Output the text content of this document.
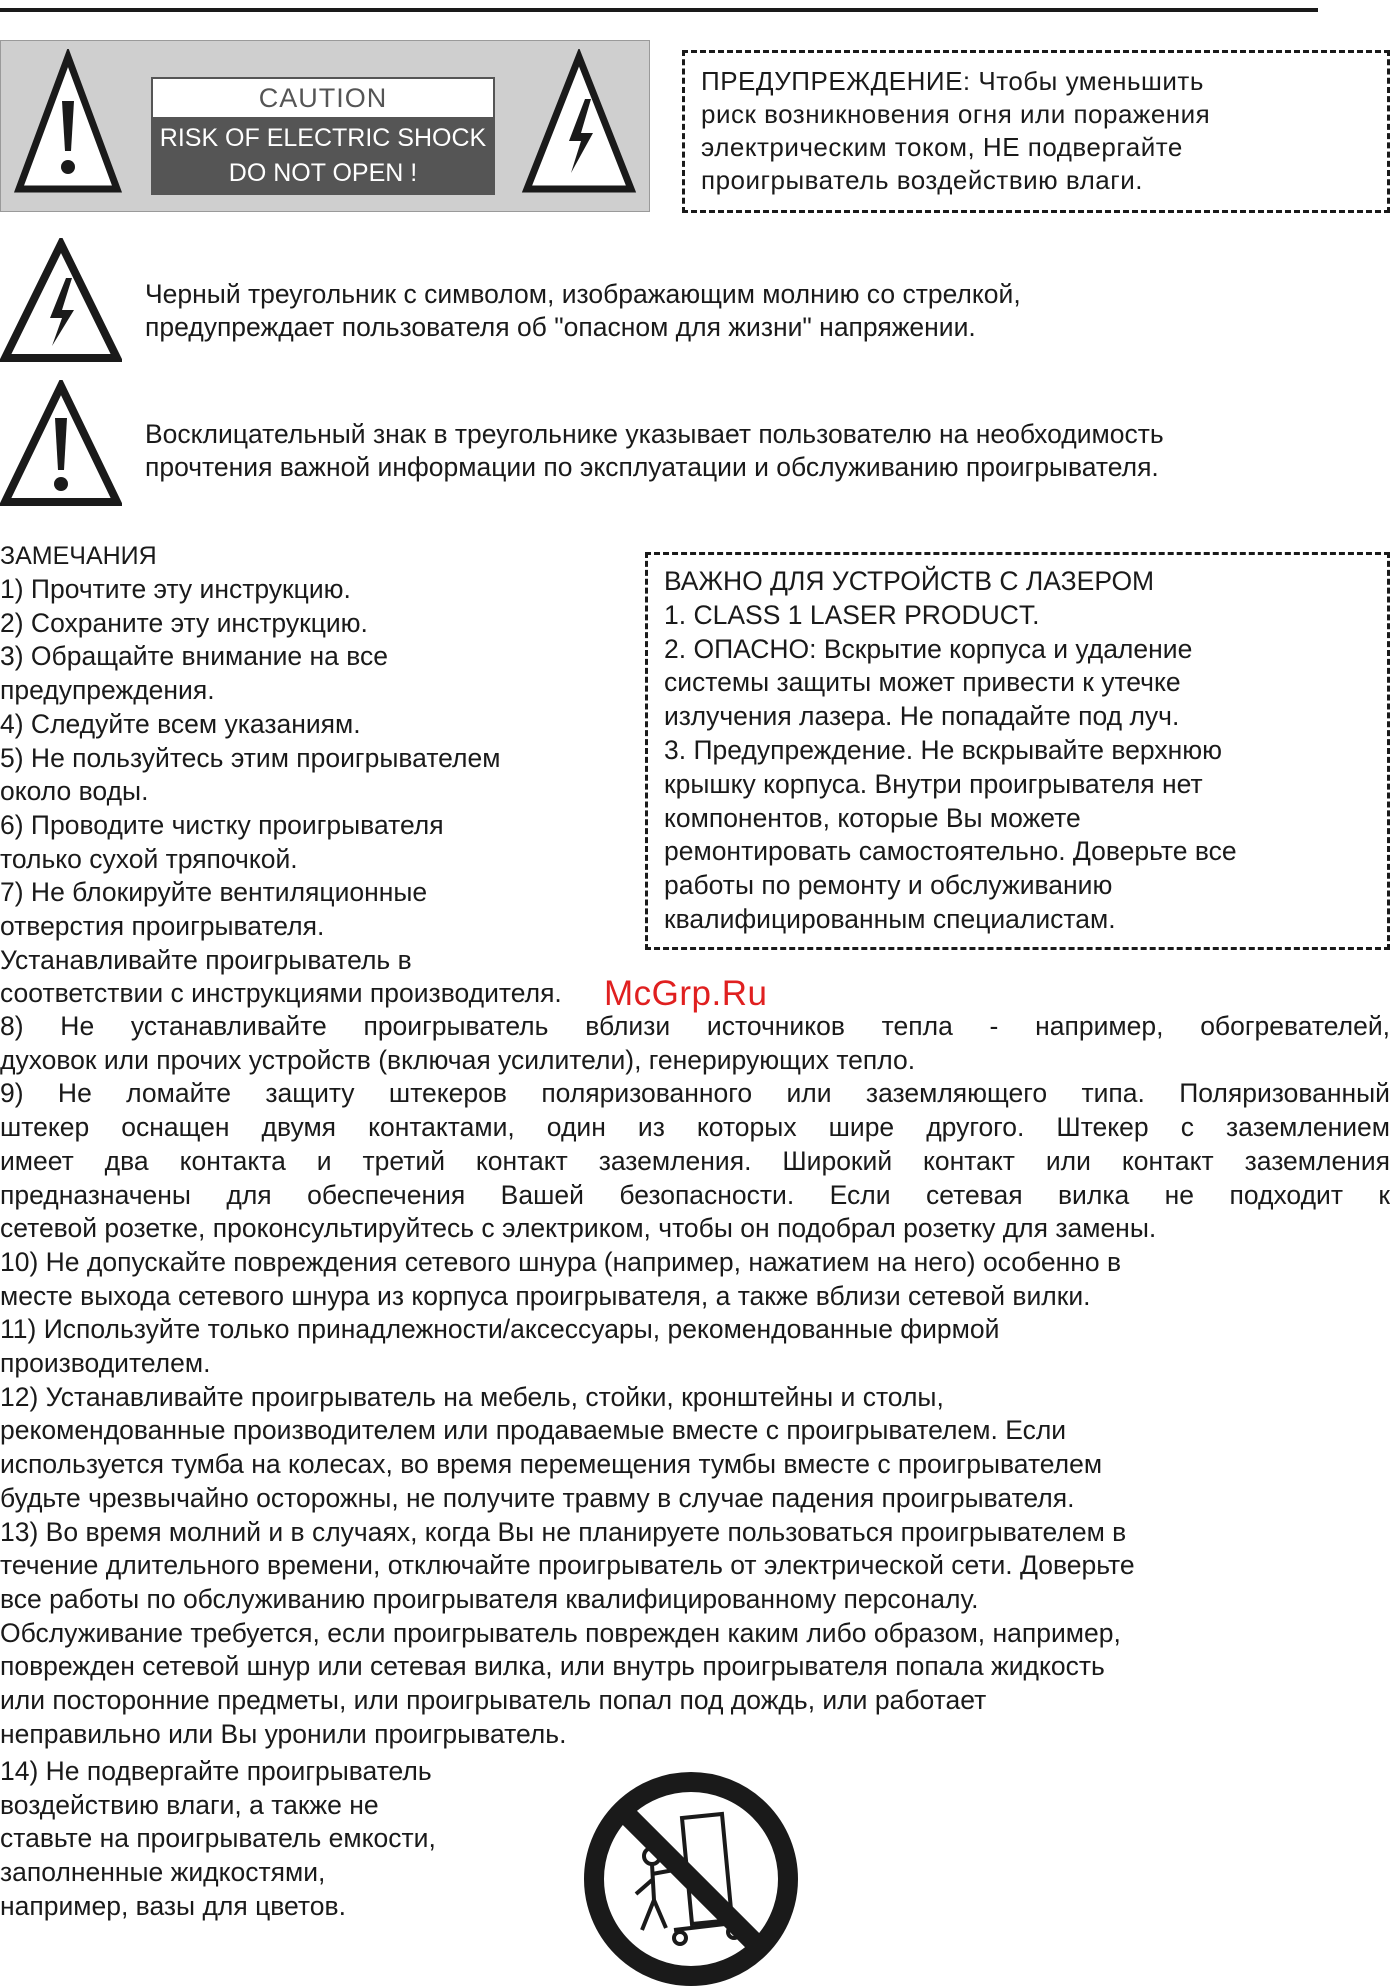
CAUTION
RISK OF ELECTRIC SHOCK
DO NOT OPEN !

ПРЕДУПРЕЖДЕНИЕ: Чтобы уменьшить

риск возникновения огня или поражения

электрическим током, НЕ подвергайте

проигрыватель воздействию влаги.

Черный треугольник с символом, изображающим молнию со стрелкой,
предупреждает пользователя об "опасном для жизни" напряжении.
Восклицательный знак в треугольнике указывает пользователю на необходимость
прочтения важной информации по эксплуатации и обслуживанию проигрывателя.
ЗАМЕЧАНИЯ
1) Прочтите эту инструкцию.
2) Сохраните эту инструкцию.
3) Обращайте внимание на все
предупреждения.
4) Следуйте всем указаниям.
5) Не пользуйтесь этим проигрывателем
около воды.
6) Проводите чистку проигрывателя
только сухой тряпочкой.
7) Не блокируйте вентиляционные
отверстия проигрывателя.
Устанавливайте проигрыватель в
соответствии с инструкциями производителя.
ВАЖНО ДЛЯ УСТРОЙСТВ С ЛАЗЕРОМ
1. CLASS 1 LASER PRODUCT.
2. ОПАСНО: Вскрытие корпуса и удаление
системы защиты может привести к утечке
излучения лазера. Не попадайте под луч.
3. Предупреждение. Не вскрывайте верхнюю
крышку корпуса. Внутри проигрывателя нет
компонентов, которые Вы можете
ремонтировать самостоятельно. Доверьте все
работы по ремонту и обслуживанию
квалифицированным специалистам.
McGrp.Ru
8) Не устанавливайте проигрыватель вблизи источников тепла - например, обогревателей,
духовок или прочих устройств (включая усилители), генерирующих тепло.
9) Не ломайте защиту штекеров поляризованного или заземляющего типа. Поляризованный
штекер оснащен двумя контактами, один из которых шире другого. Штекер с заземлением
имеет два контакта и третий контакт заземления. Широкий контакт или контакт заземления
предназначены для обеспечения Вашей безопасности. Если сетевая вилка не подходит к
сетевой розетке, проконсультируйтесь с электриком, чтобы он подобрал розетку для замены.
10) Не допускайте повреждения сетевого шнура (например, нажатием на него) особенно в
месте выхода сетевого шнура из корпуса проигрывателя, а также вблизи сетевой вилки.
11) Используйте только принадлежности/аксессуары, рекомендованные фирмой
производителем.
12) Устанавливайте проигрыватель на мебель, стойки, кронштейны и столы,
рекомендованные производителем или продаваемые вместе с проигрывателем. Если
используется тумба на колесах, во время перемещения тумбы вместе с проигрывателем
будьте чрезвычайно осторожны, не получите травму в случае падения проигрывателя.
13) Во время молний и в случаях, когда Вы не планируете пользоваться проигрывателем в
течение длительного времени, отключайте проигрыватель от электрической сети. Доверьте
все работы по обслуживанию проигрывателя квалифицированному персоналу.
Обслуживание требуется, если проигрыватель поврежден каким либо образом, например,
поврежден сетевой шнур или сетевая вилка, или внутрь проигрывателя попала жидкость
или посторонние предметы, или проигрыватель попал под дождь, или работает
неправильно или Вы уронили проигрыватель.
14) Не подвергайте проигрыватель
воздействию влаги, а также не
ставьте на проигрыватель емкости,
заполненные жидкостями,
например, вазы для цветов.
